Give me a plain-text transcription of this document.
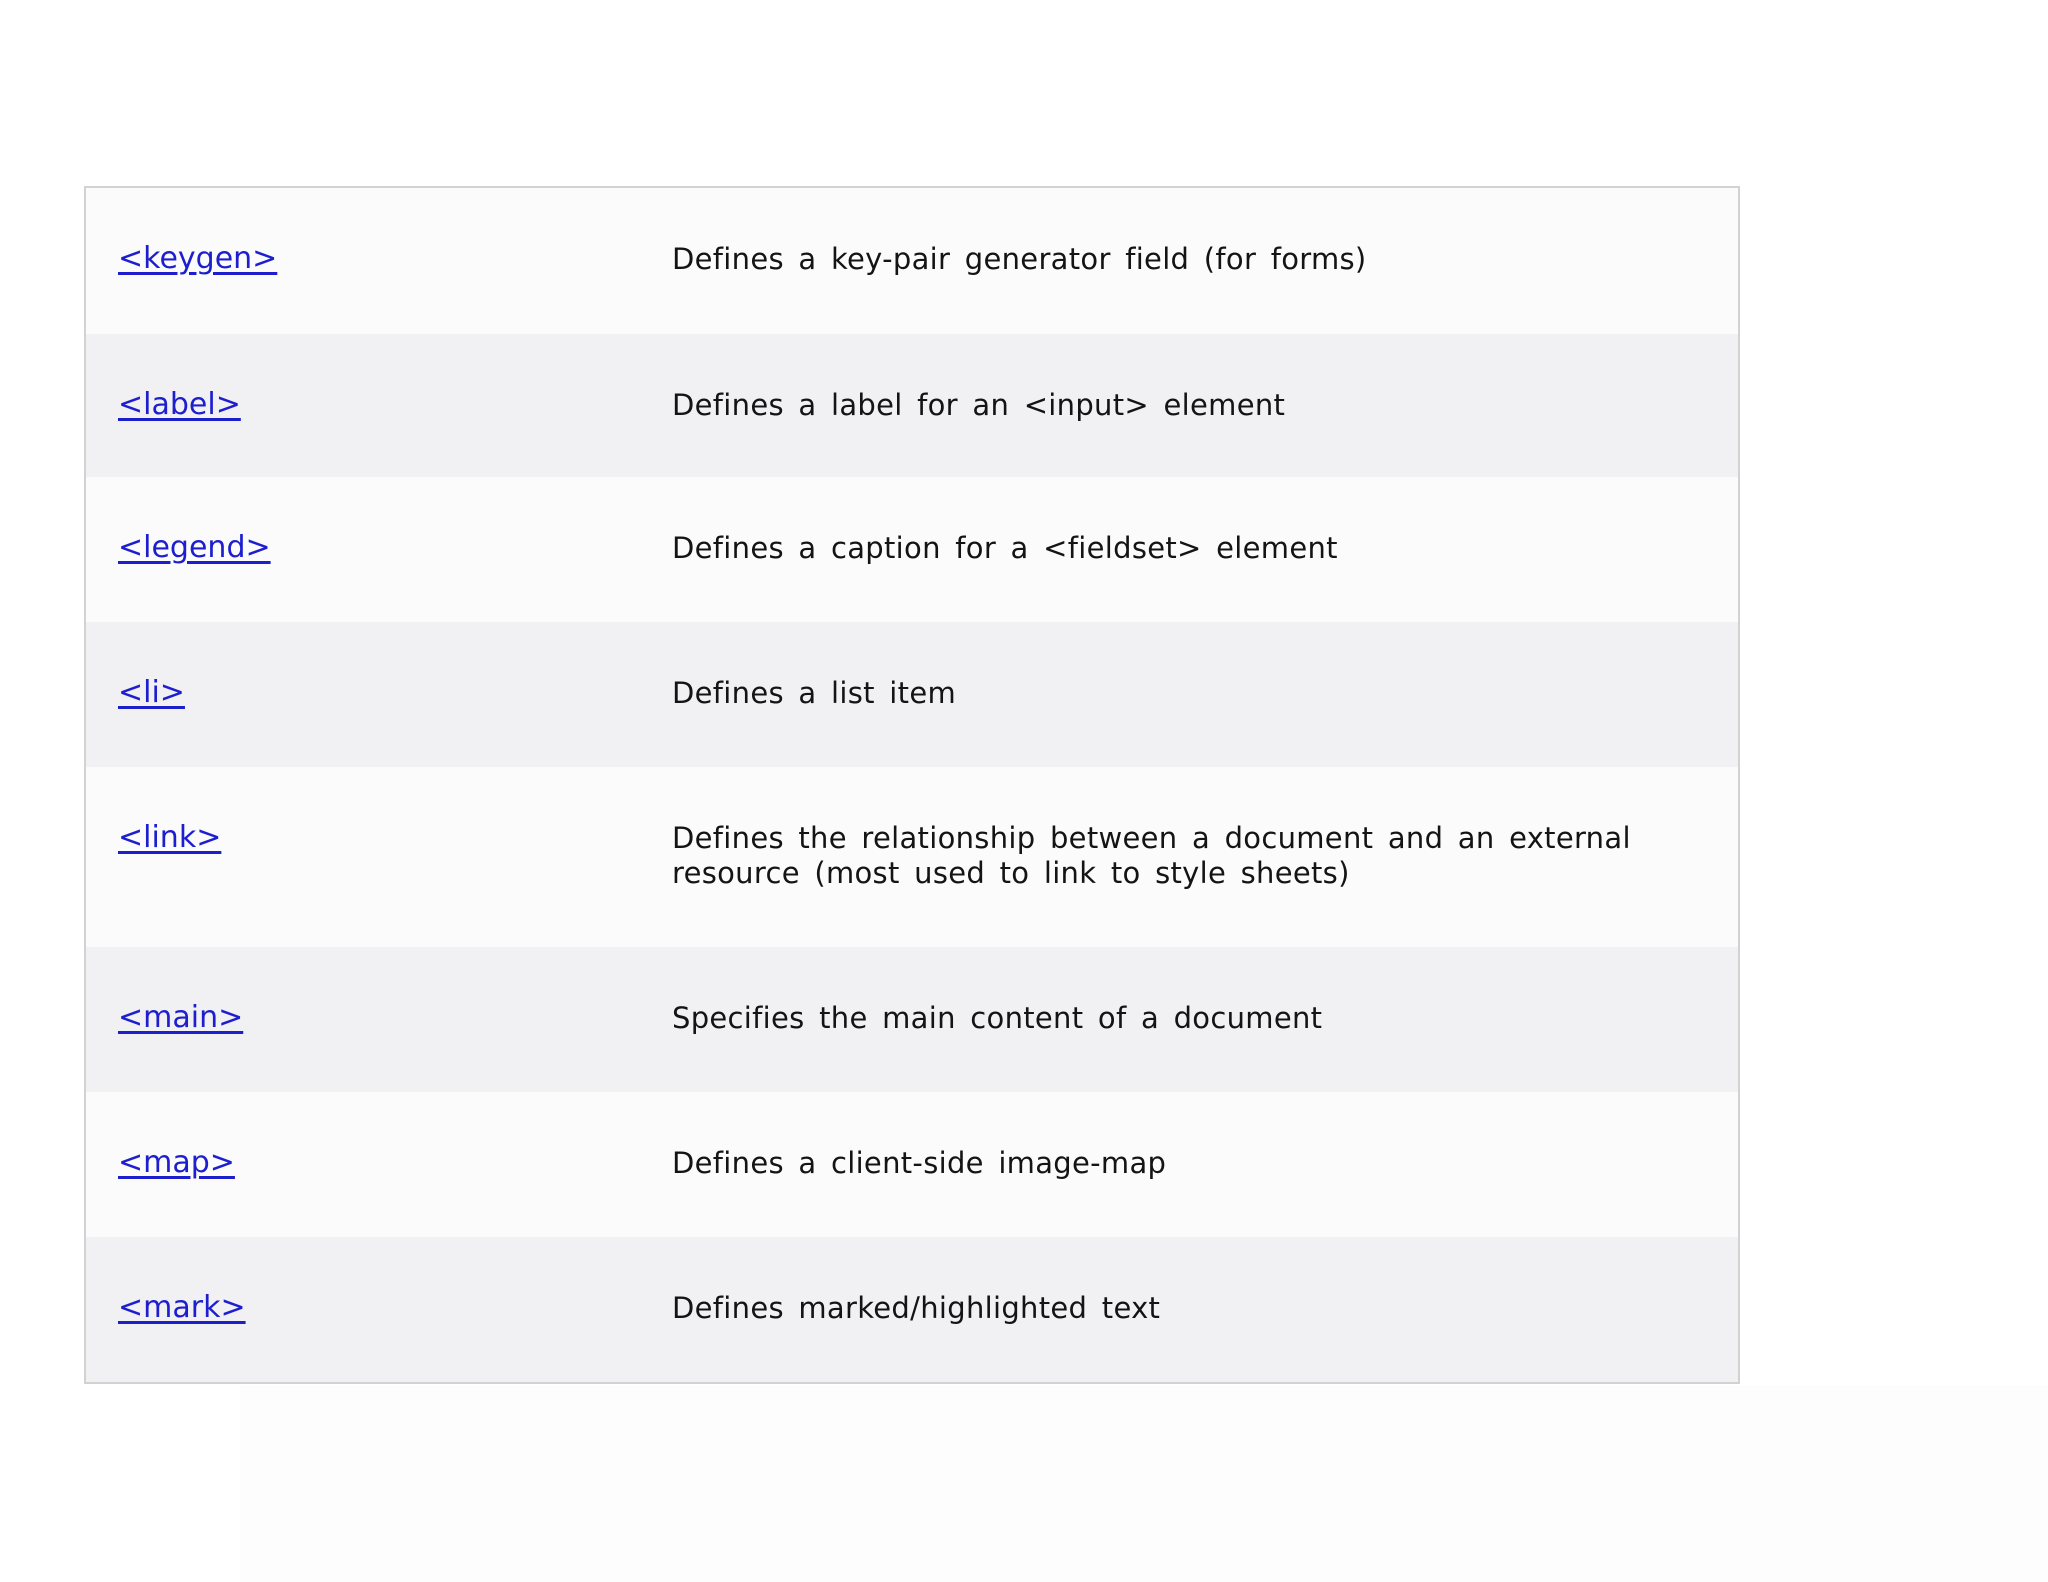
<keygen>	Defines a key-pair generator field (for forms)
<label>	Defines a label for an <input> element
<legend>	Defines a caption for a <fieldset> element
<li>	Defines a list item
<link>	Defines the relationship between a document and an external resource (most used to link to style sheets)
<main>	Specifies the main content of a document
<map>	Defines a client-side image-map
<mark>	Defines marked/highlighted text
